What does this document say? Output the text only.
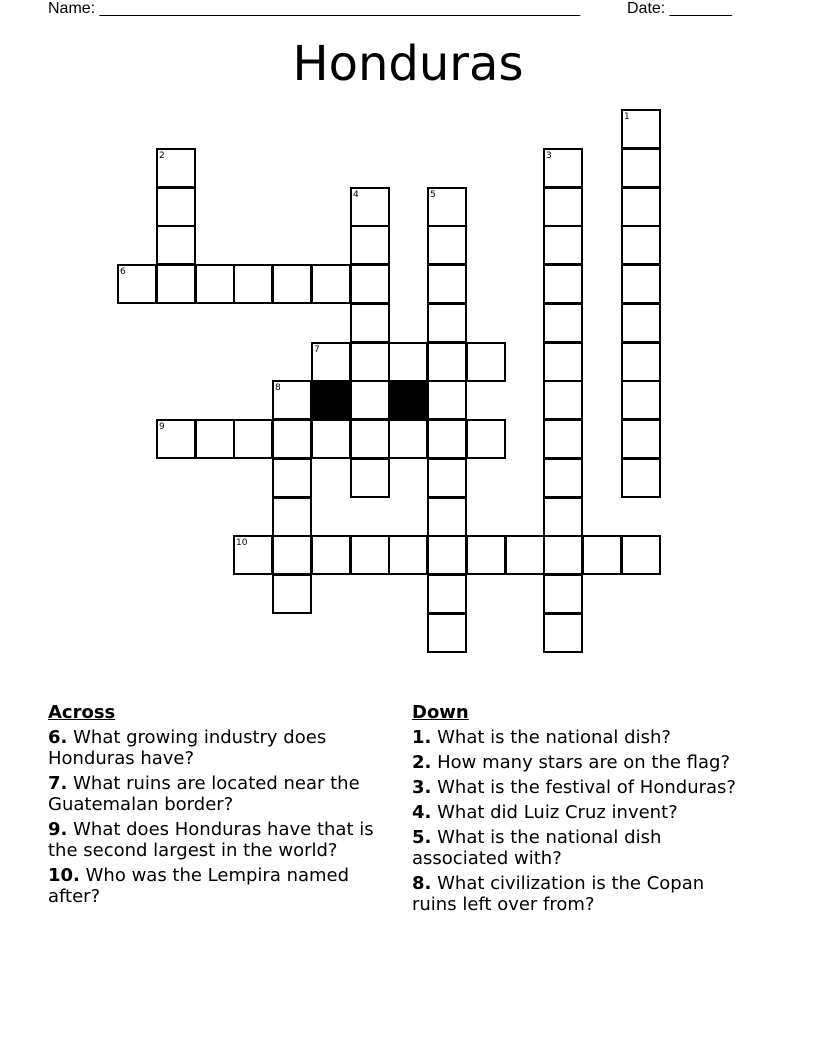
Name: ______________________________________________________	Date: _______
Honduras
1
2	3
4	5
6
7
8
9
10
Across
6. What growing industry does Honduras have?
7. What ruins are located near the Guatemalan border?
9. What does Honduras have that is the second largest in the world?
10. Who was the Lempira named after?
Down
1. What is the national dish?
2. How many stars are on the flag?
3. What is the festival of Honduras?
4. What did Luiz Cruz invent?
5. What is the national dish associated with?
8. What civilization is the Copan ruins left over from?
